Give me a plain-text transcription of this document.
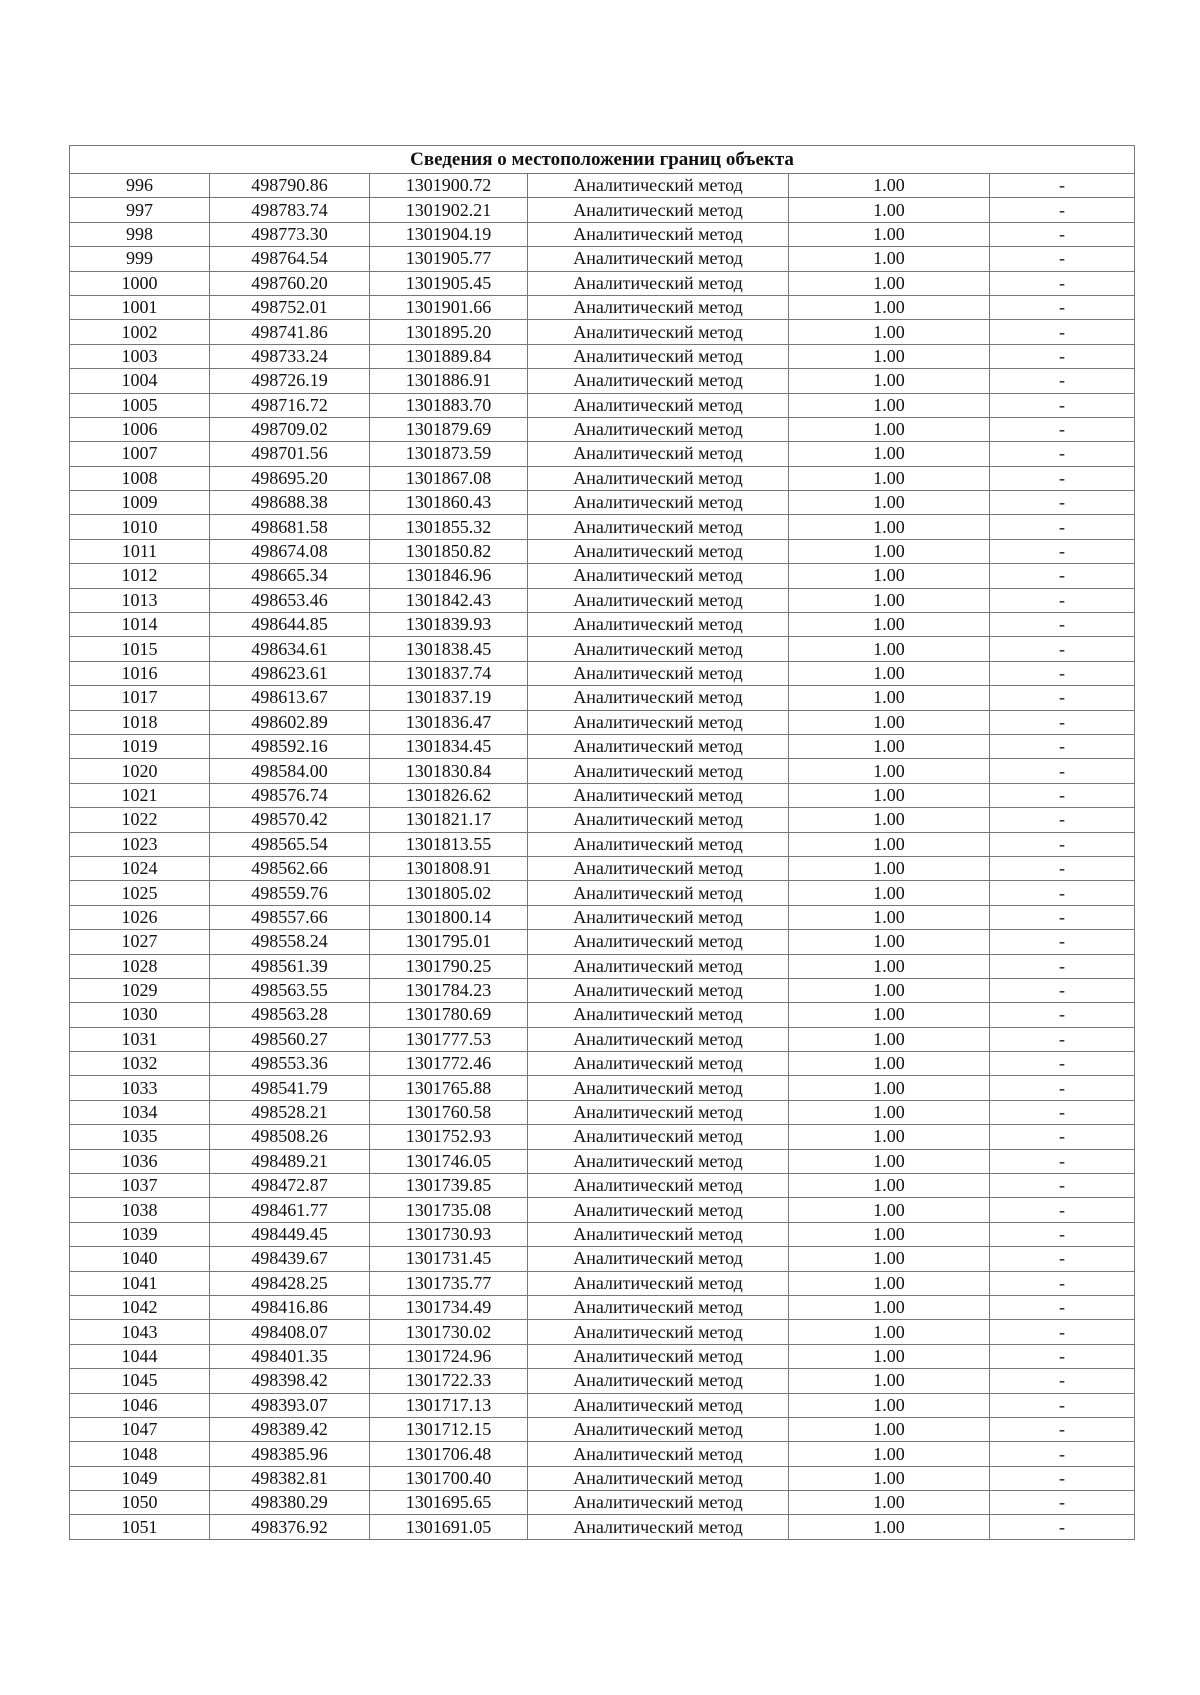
Сведения о местоположении границ объекта					
996	498790.86	1301900.72	Аналитический метод	1.00	-
997	498783.74	1301902.21	Аналитический метод	1.00	-
998	498773.30	1301904.19	Аналитический метод	1.00	-
999	498764.54	1301905.77	Аналитический метод	1.00	-
1000	498760.20	1301905.45	Аналитический метод	1.00	-
1001	498752.01	1301901.66	Аналитический метод	1.00	-
1002	498741.86	1301895.20	Аналитический метод	1.00	-
1003	498733.24	1301889.84	Аналитический метод	1.00	-
1004	498726.19	1301886.91	Аналитический метод	1.00	-
1005	498716.72	1301883.70	Аналитический метод	1.00	-
1006	498709.02	1301879.69	Аналитический метод	1.00	-
1007	498701.56	1301873.59	Аналитический метод	1.00	-
1008	498695.20	1301867.08	Аналитический метод	1.00	-
1009	498688.38	1301860.43	Аналитический метод	1.00	-
1010	498681.58	1301855.32	Аналитический метод	1.00	-
1011	498674.08	1301850.82	Аналитический метод	1.00	-
1012	498665.34	1301846.96	Аналитический метод	1.00	-
1013	498653.46	1301842.43	Аналитический метод	1.00	-
1014	498644.85	1301839.93	Аналитический метод	1.00	-
1015	498634.61	1301838.45	Аналитический метод	1.00	-
1016	498623.61	1301837.74	Аналитический метод	1.00	-
1017	498613.67	1301837.19	Аналитический метод	1.00	-
1018	498602.89	1301836.47	Аналитический метод	1.00	-
1019	498592.16	1301834.45	Аналитический метод	1.00	-
1020	498584.00	1301830.84	Аналитический метод	1.00	-
1021	498576.74	1301826.62	Аналитический метод	1.00	-
1022	498570.42	1301821.17	Аналитический метод	1.00	-
1023	498565.54	1301813.55	Аналитический метод	1.00	-
1024	498562.66	1301808.91	Аналитический метод	1.00	-
1025	498559.76	1301805.02	Аналитический метод	1.00	-
1026	498557.66	1301800.14	Аналитический метод	1.00	-
1027	498558.24	1301795.01	Аналитический метод	1.00	-
1028	498561.39	1301790.25	Аналитический метод	1.00	-
1029	498563.55	1301784.23	Аналитический метод	1.00	-
1030	498563.28	1301780.69	Аналитический метод	1.00	-
1031	498560.27	1301777.53	Аналитический метод	1.00	-
1032	498553.36	1301772.46	Аналитический метод	1.00	-
1033	498541.79	1301765.88	Аналитический метод	1.00	-
1034	498528.21	1301760.58	Аналитический метод	1.00	-
1035	498508.26	1301752.93	Аналитический метод	1.00	-
1036	498489.21	1301746.05	Аналитический метод	1.00	-
1037	498472.87	1301739.85	Аналитический метод	1.00	-
1038	498461.77	1301735.08	Аналитический метод	1.00	-
1039	498449.45	1301730.93	Аналитический метод	1.00	-
1040	498439.67	1301731.45	Аналитический метод	1.00	-
1041	498428.25	1301735.77	Аналитический метод	1.00	-
1042	498416.86	1301734.49	Аналитический метод	1.00	-
1043	498408.07	1301730.02	Аналитический метод	1.00	-
1044	498401.35	1301724.96	Аналитический метод	1.00	-
1045	498398.42	1301722.33	Аналитический метод	1.00	-
1046	498393.07	1301717.13	Аналитический метод	1.00	-
1047	498389.42	1301712.15	Аналитический метод	1.00	-
1048	498385.96	1301706.48	Аналитический метод	1.00	-
1049	498382.81	1301700.40	Аналитический метод	1.00	-
1050	498380.29	1301695.65	Аналитический метод	1.00	-
1051	498376.92	1301691.05	Аналитический метод	1.00	-
